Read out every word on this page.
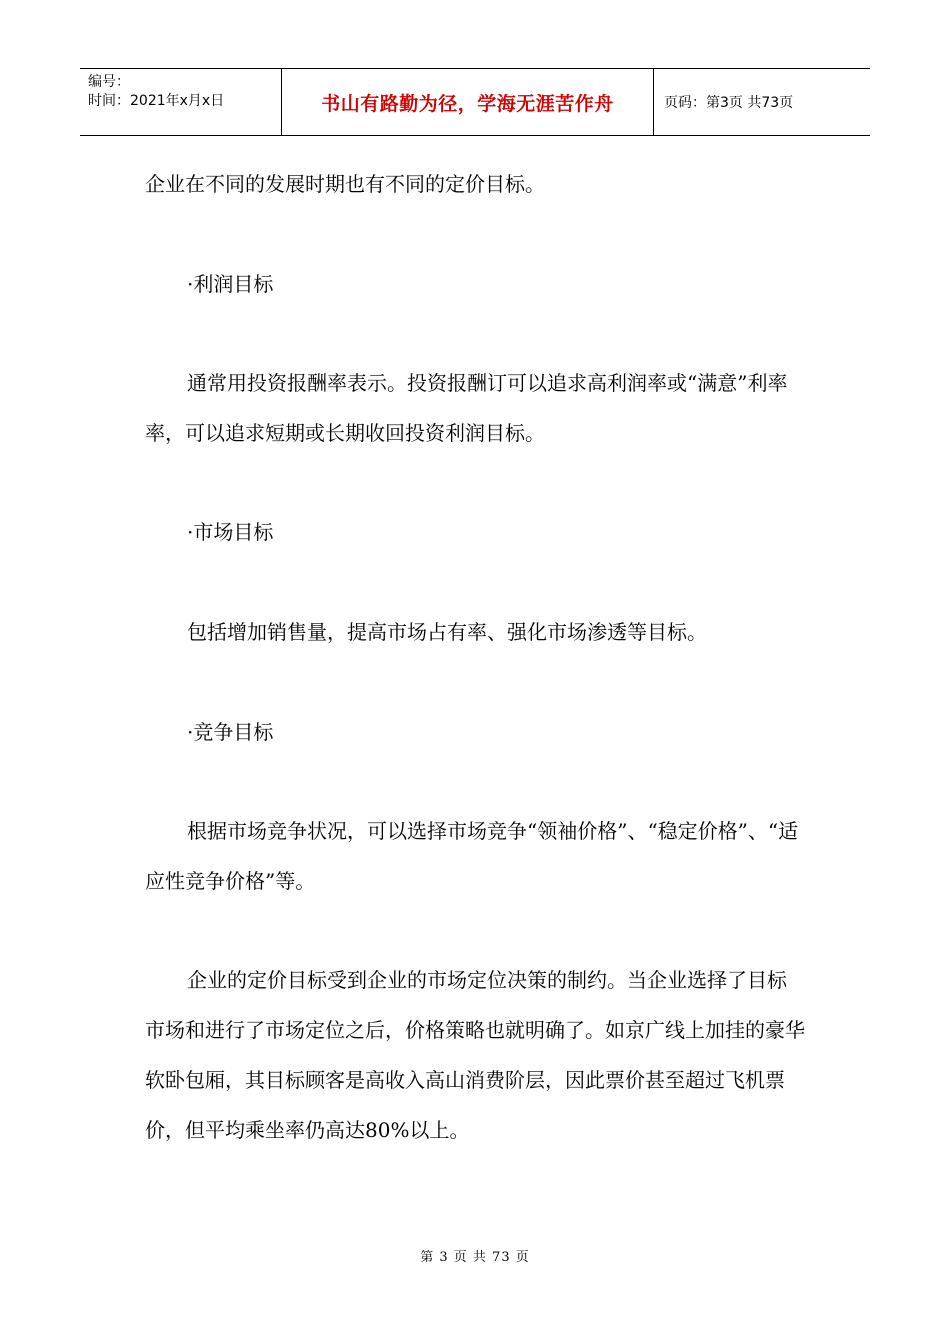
编号：
时间：2021年x月x日	书山有路勤为径，学海无涯苦作舟	页码：第3页 共73页

企业在不同的发展时期也有不同的定价目标。

·利润目标

通常用投资报酬率表示。投资报酬订可以追求高利润率或“满意”利率率，可以追求短期或长期收回投资利润目标。

·市场目标

包括增加销售量，提高市场占有率、强化市场渗透等目标。

·竞争目标

根据市场竞争状况，可以选择市场竞争“领袖价格”、“稳定价格”、“适应性竞争价格”等。

企业的定价目标受到企业的市场定位决策的制约。当企业选择了目标市场和进行了市场定位之后，价格策略也就明确了。如京广线上加挂的豪华软卧包厢，其目标顾客是高收入高山消费阶层，因此票价甚至超过飞机票价，但平均乘坐率仍高达80%以上。

第 3 页 共 73 页
